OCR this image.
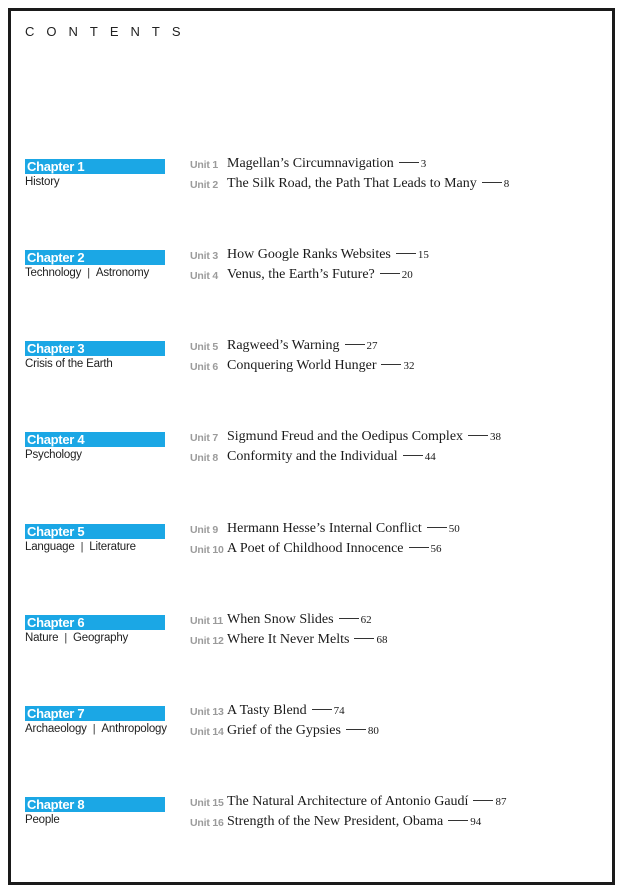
CONTENTS
Chapter 1
History
Unit 1 Magellan’s Circumnavigation 3
Unit 2 The Silk Road, the Path That Leads to Many 8
Chapter 2
Technology | Astronomy
Unit 3 How Google Ranks Websites 15
Unit 4 Venus, the Earth’s Future? 20
Chapter 3
Crisis of the Earth
Unit 5 Ragweed’s Warning 27
Unit 6 Conquering World Hunger 32
Chapter 4
Psychology
Unit 7 Sigmund Freud and the Oedipus Complex 38
Unit 8 Conformity and the Individual 44
Chapter 5
Language | Literature
Unit 9 Hermann Hesse’s Internal Conflict 50
Unit 10 A Poet of Childhood Innocence 56
Chapter 6
Nature | Geography
Unit 11 When Snow Slides 62
Unit 12 Where It Never Melts 68
Chapter 7
Archaeology | Anthropology
Unit 13 A Tasty Blend 74
Unit 14 Grief of the Gypsies 80
Chapter 8
People
Unit 15 The Natural Architecture of Antonio Gaudí 87
Unit 16 Strength of the New President, Obama 94
